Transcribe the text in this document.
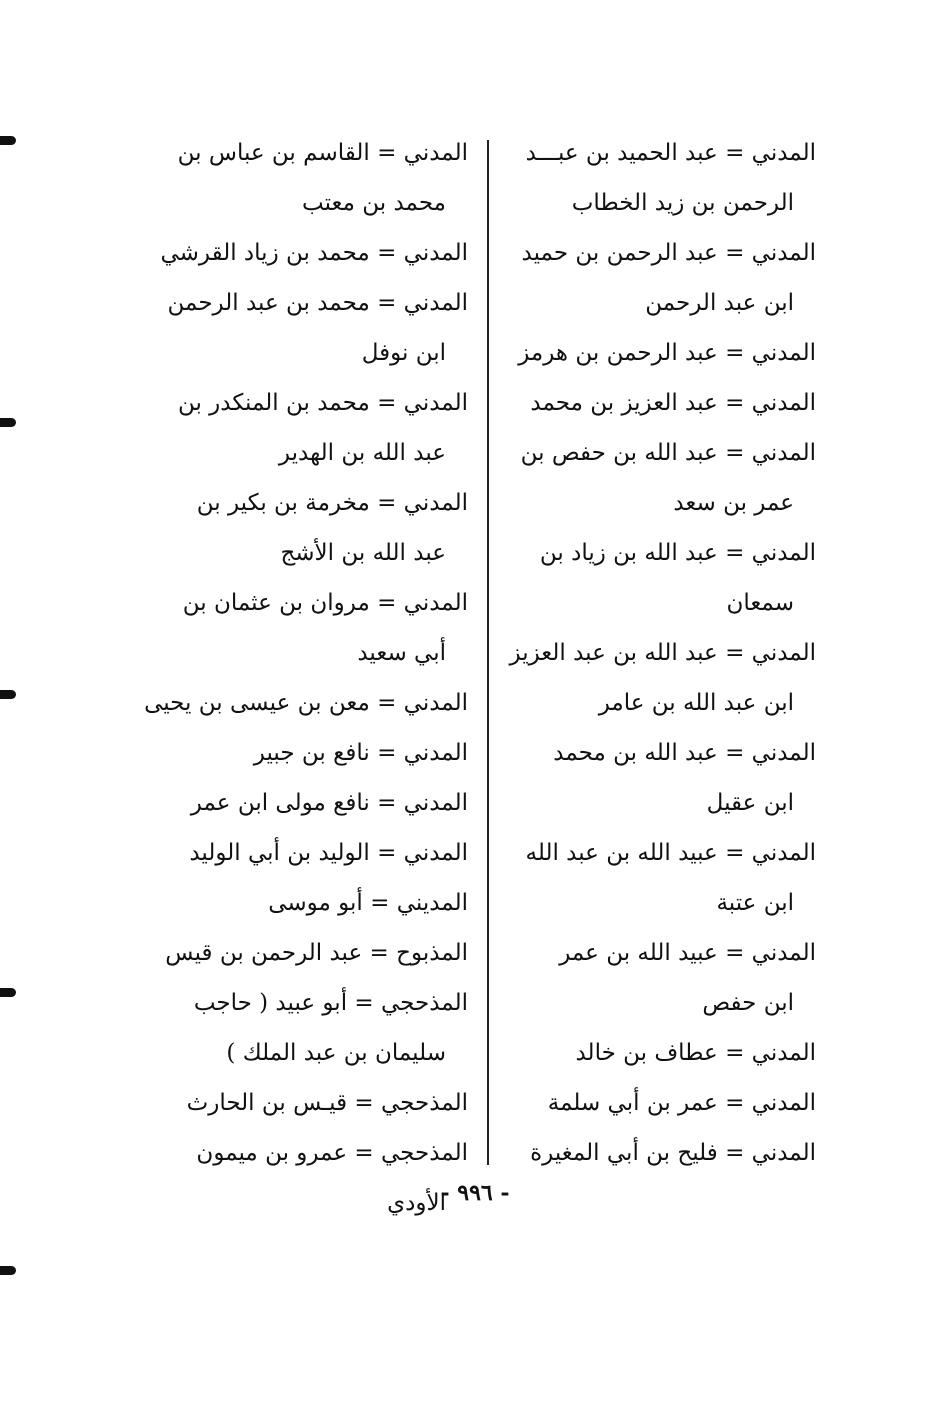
المدني = عبد الحميد بن عبـــد

الرحمن بن زيد الخطاب

المدني = عبد الرحمن بن حميد

ابن عبد الرحمن

المدني = عبد الرحمن بن هرمز

المدني = عبد العزيز بن محمد

المدني = عبد الله بن حفص بن

عمر بن سعد

المدني = عبد الله بن زياد بن

سمعان

المدني = عبد الله بن عبد العزيز

ابن عبد الله بن عامر

المدني = عبد الله بن محمد

ابن عقيل

المدني = عبيد الله بن عبد الله

ابن عتبة

المدني = عبيد الله بن عمر

ابن حفص

المدني = عطاف بن خالد

المدني = عمر بن أبي سلمة

المدني = فليح بن أبي المغيرة

المدني = القاسم بن عباس بن

محمد بن معتب

المدني = محمد بن زياد القرشي

المدني = محمد بن عبد الرحمن

ابن نوفل

المدني = محمد بن المنكدر بن

عبد الله بن الهدير

المدني = مخرمة بن بكير بن

عبد الله بن الأشج

المدني = مروان بن عثمان بن

أبي سعيد

المدني = معن بن عيسى بن يحيى

المدني = نافع بن جبير

المدني = نافع مولى ابن عمر

المدني = الوليد بن أبي الوليد

المديني = أبو موسى

المذبوح = عبد الرحمن بن قيس

المذحجي = أبو عبيد ( حاجب

سليمان بن عبد الملك )

المذحجي = قيـس بن الحارث

المذحجي = عمرو بن ميمون

الأودي

- ٩٩٦ -
